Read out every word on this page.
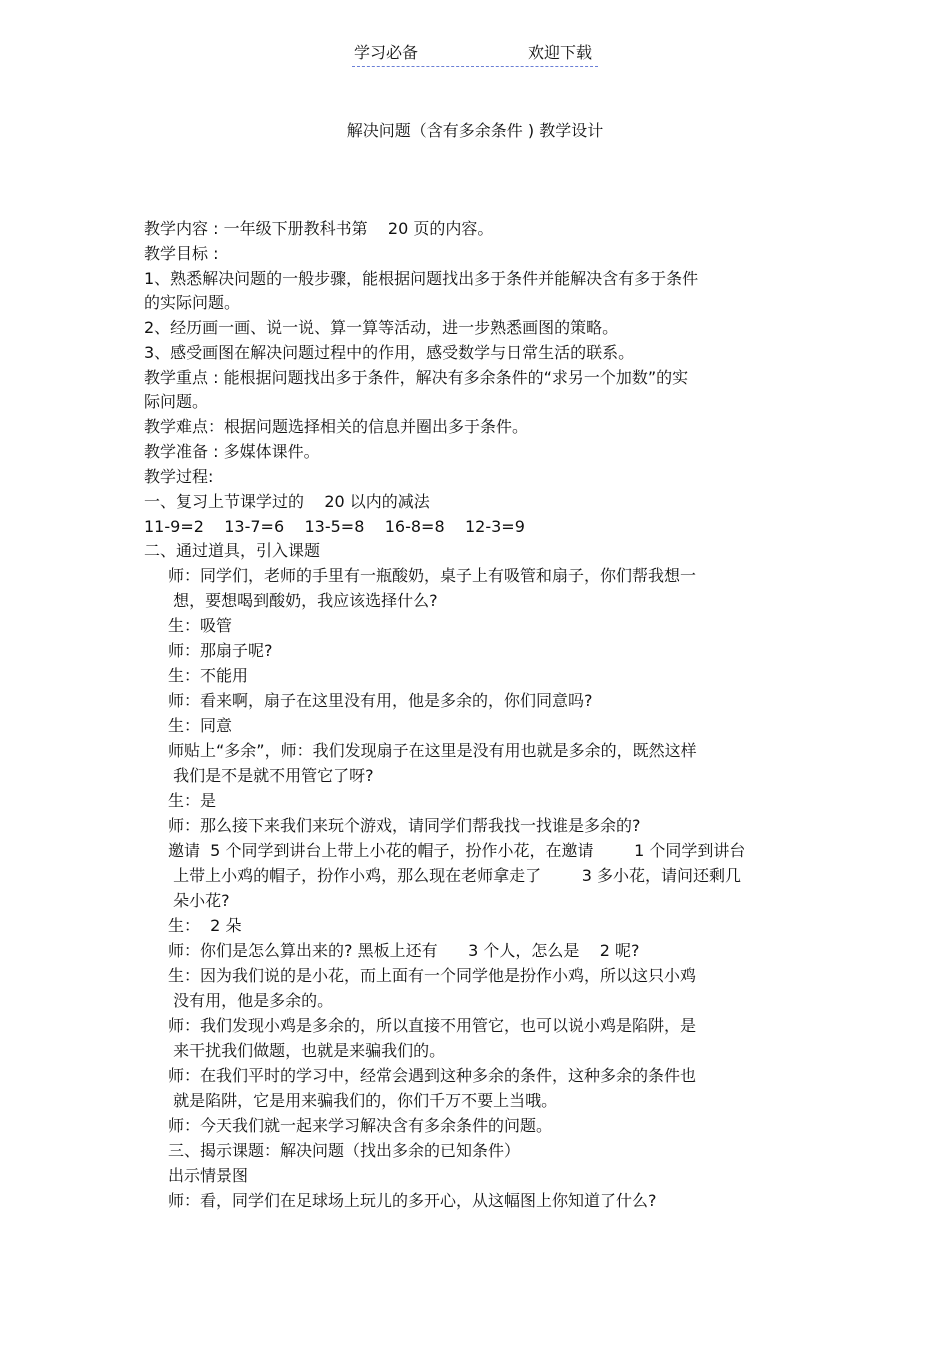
学习必备	欢迎下载
解决问题（含有多余条件 ) 教学设计
教学内容 : 一年级下册教科书第    20 页的内容。
教学目标 :
1、熟悉解决问题的一般步骤，能根据问题找出多于条件并能解决含有多于条件
的实际问题。
2、经历画一画、说一说、算一算等活动，进一步熟悉画图的策略。
3、感受画图在解决问题过程中的作用，感受数学与日常生活的联系。
教学重点 : 能根据问题找出多于条件，解决有多余条件的“求另一个加数”的实
际问题。
教学难点：根据问题选择相关的信息并圈出多于条件。
教学准备 : 多媒体课件。
教学过程:
一、复习上节课学过的    20 以内的减法
11-9=2    13-7=6    13-5=8    16-8=8    12-3=9
二、通过道具，引入课题
师：同学们，老师的手里有一瓶酸奶，桌子上有吸管和扇子，你们帮我想一
想，要想喝到酸奶，我应该选择什么?
生：吸管
师：那扇子呢?
生：不能用
师：看来啊，扇子在这里没有用，他是多余的，你们同意吗?
生：同意
师贴上“多余”，师：我们发现扇子在这里是没有用也就是多余的，既然这样
我们是不是就不用管它了呀?
生：是
师：那么接下来我们来玩个游戏，请同学们帮我找一找谁是多余的?
邀请  5 个同学到讲台上带上小花的帽子，扮作小花，在邀请        1 个同学到讲台
上带上小鸡的帽子，扮作小鸡，那么现在老师拿走了        3 多小花，请问还剩几
朵小花?
生：  2 朵
师：你们是怎么算出来的? 黑板上还有      3 个人，怎么是    2 呢?
生：因为我们说的是小花，而上面有一个同学他是扮作小鸡，所以这只小鸡
没有用，他是多余的。
师：我们发现小鸡是多余的，所以直接不用管它，也可以说小鸡是陷阱，是
来干扰我们做题，也就是来骗我们的。
师：在我们平时的学习中，经常会遇到这种多余的条件，这种多余的条件也
就是陷阱，它是用来骗我们的，你们千万不要上当哦。
师：今天我们就一起来学习解决含有多余条件的问题。
三、揭示课题：解决问题（找出多余的已知条件）
出示情景图
师：看，同学们在足球场上玩儿的多开心，从这幅图上你知道了什么?
